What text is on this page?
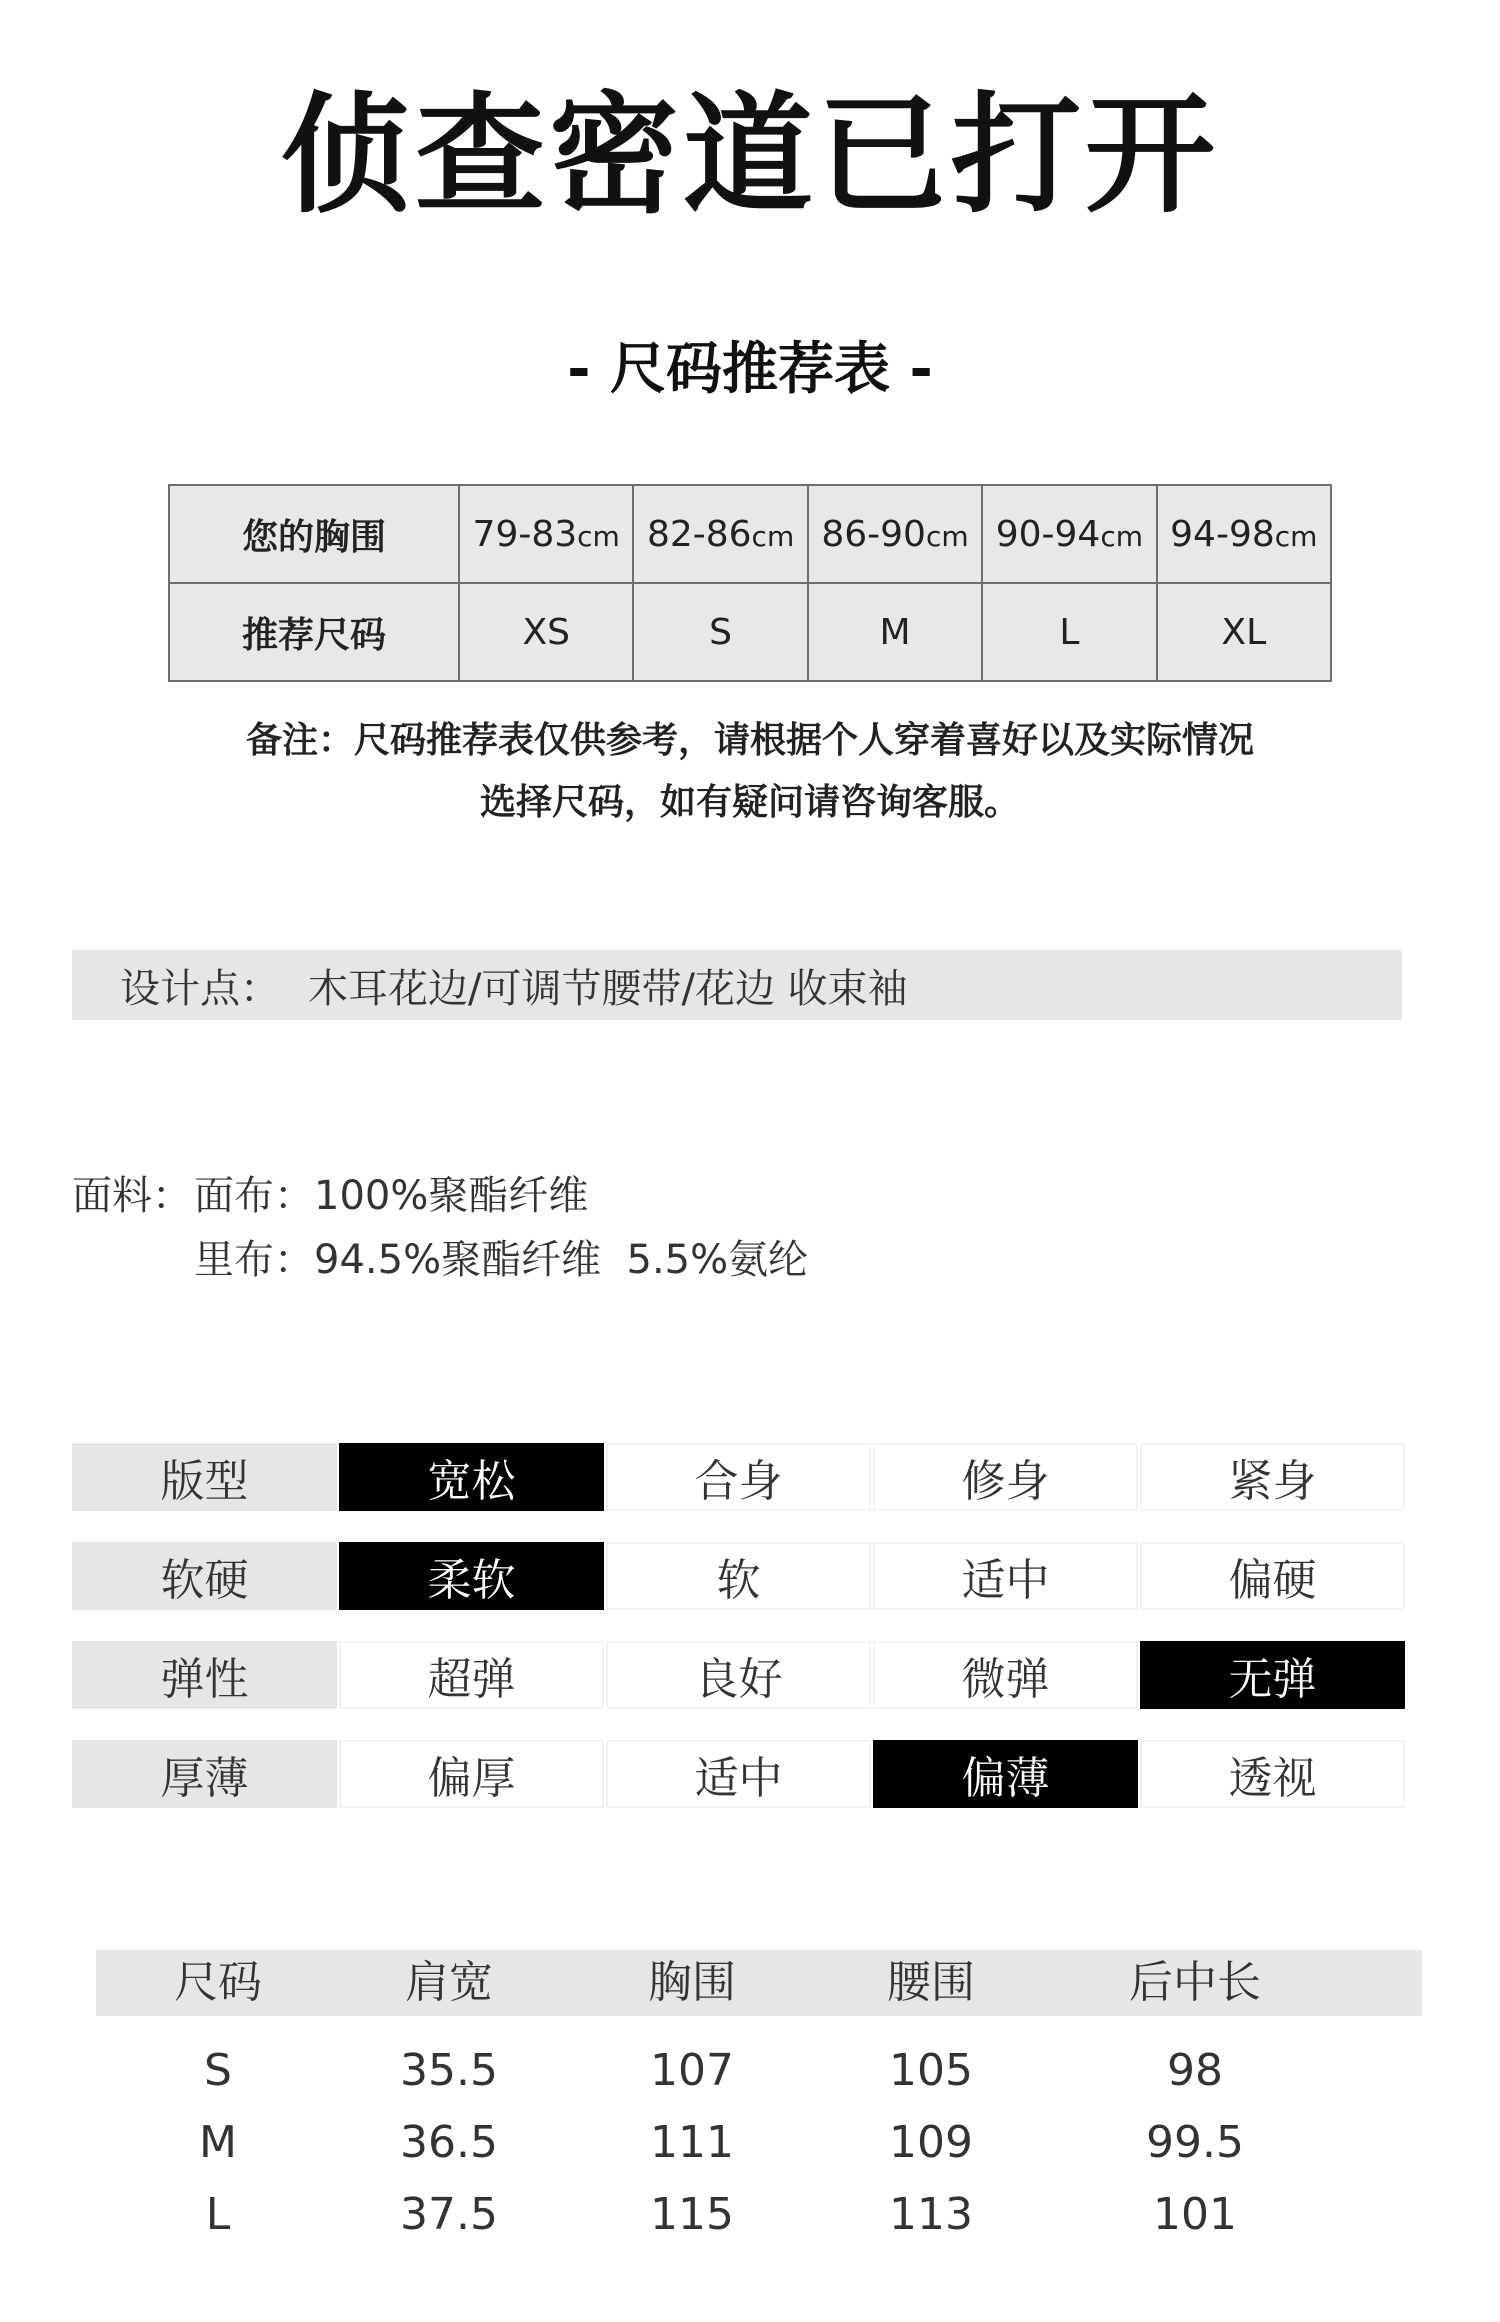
侦查密道已打开
- 尺码推荐表 -
您的胸围	79-83cm	82-86cm	86-90cm	90-94cm	94-98cm
推荐尺码	XS	S	M	L	XL
备注：尺码推荐表仅供参考，请根据个人穿着喜好以及实际情况
选择尺码，如有疑问请咨询客服。
设计点： 木耳花边/可调节腰带/花边 收束袖
面料： 面布： 100%聚酯纤维
里布： 94.5%聚酯纤维  5.5%氨纶
版型	宽松	合身	修身	紧身
软硬	柔软	软	适中	偏硬
弹性	超弹	良好	微弹	无弹
厚薄	偏厚	适中	偏薄	透视
尺码	肩宽	胸围	腰围	后中长
S	35.5	107	105	98
M	36.5	111	109	99.5
L	37.5	115	113	101
